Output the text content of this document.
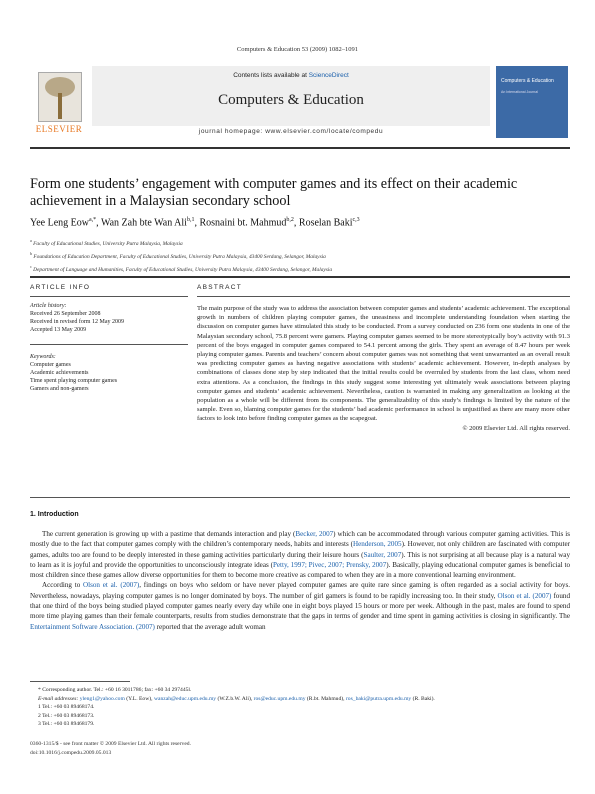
Computers & Education 53 (2009) 1082–1091
ELSEVIER
Contents lists available at ScienceDirect
Computers & Education
journal homepage: www.elsevier.com/locate/compedu
Computers & Education
An International Journal
Form one students’ engagement with computer games and its effect on their academic achievement in a Malaysian secondary school
Yee Leng Eow$^{a,*}$, Wan Zah bte Wan Ali$^{b,1}$, Rosnaini bt. Mahmud$^{b,2}$, Roselan Baki$^{c,3}$
$^a$ Faculty of Educational Studies, University Putra Malaysia, Malaysia
$^b$ Foundations of Education Department, Faculty of Educational Studies, University Putra Malaysia, 43400 Serdang, Selangor, Malaysia
$^c$ Department of Language and Humanities, Faculty of Educational Studies, University Putra Malaysia, 43400 Serdang, Selangor, Malaysia
ARTICLE INFO	ABSTRACT
Article history:
Received 26 September 2008
Received in revised form 12 May 2009
Accepted 13 May 2009
Keywords:
Computer games
Academic achievements
Time spent playing computer games
Gamers and non-gamers
The main purpose of the study was to address the association between computer games and students’ academic achievement. The exceptional growth in numbers of children playing computer games, the uneasiness and incomplete understanding foundation when starting the discussion on computer games have stimulated this study to be conducted. From a survey conducted on 236 form one students in one of the Malaysian secondary school, 75.8 percent were gamers. Playing computer games seemed to be more stereotypically boy’s activity with 91.3 percent of the boys engaged in computer games compared to 54.1 percent among the girls. They spent an average of 8.47 hours per week playing computer games. Parents and teachers’ concern about computer games was not something that went unwarranted as an overall result was predicting computer games as having negative associations with students’ academic achievement. However, in-depth analyses by combinations of classes done step by step indicated that the initial results could be overruled by students from the last class, whom need extra attentions. As a conclusion, the findings in this study suggest some interesting yet ultimately weak associations between playing computer games and students’ academic achievement. Nevertheless, caution is warranted in making any generalization as looking at the population as a whole will be different from its components. The generalizability of this study’s findings is limited by the nature of the sample. Even so, blaming computer games for the students’ bad academic performance in school is unjustified as there are many more other factors to look into before finding computer games as the scapegoat.
© 2009 Elsevier Ltd. All rights reserved.
1. Introduction

The current generation is growing up with a pastime that demands interaction and play (Becker, 2007) which can be accommodated through various computer gaming activities. This is mostly due to the fact that computer games comply with the children’s contemporary needs, habits and interests (Henderson, 2005). However, not only children are fascinated with computer games, adults too are found to be deeply interested in these gaming activities particularly during their leisure hours (Saulter, 2007). This is not surprising at all because play is a natural way to learn as it is joyful and provide the opportunities to unconsciously integrate ideas (Petty, 1997; Pivec, 2007; Prensky, 2007). Basically, playing educational computer games is beneficial to most children since these games allow diverse opportunities for them to become more creative as compared to when they are in a more conventional learning environment.

According to Olson et al. (2007), findings on boys who seldom or have never played computer games are quite rare since gaming is often regarded as a social activity for boys. Nevertheless, nowadays, playing computer games is no longer dominated by boys. The number of girl gamers is found to be rapidly increasing too. In their study, Olson et al. (2007) found that one third of the boys being studied played computer games nearly every day while one in eight boys played 15 hours or more per week. Although in the past, males are found to spend more time playing games than their female counterparts, results from studies demonstrate that the gaps in terms of gender and time spent in gaming activities is closing in significantly. The Entertainment Software Association. (2007) reported that the average adult woman

* Corresponding author. Tel.: +60 16 3011786; fax: +60 34 297445l.

E-mail addresses: yleng1@yahoo.com (Y.L. Eow), wanzah@educ.upm.edu.my (W.Z.b.W. Ali), ros@educ.upm.edu.my (R.bt. Mahmud), ros_baki@putra.upm.edu.my (R. Baki).

1 Tel.: +60 03 89468174.

2 Tel.: +60 03 89468173.

3 Tel.: +60 03 89468179.

0360-1315/$ - see front matter © 2009 Elsevier Ltd. All rights reserved.
doi:10.1016/j.compedu.2009.05.013
